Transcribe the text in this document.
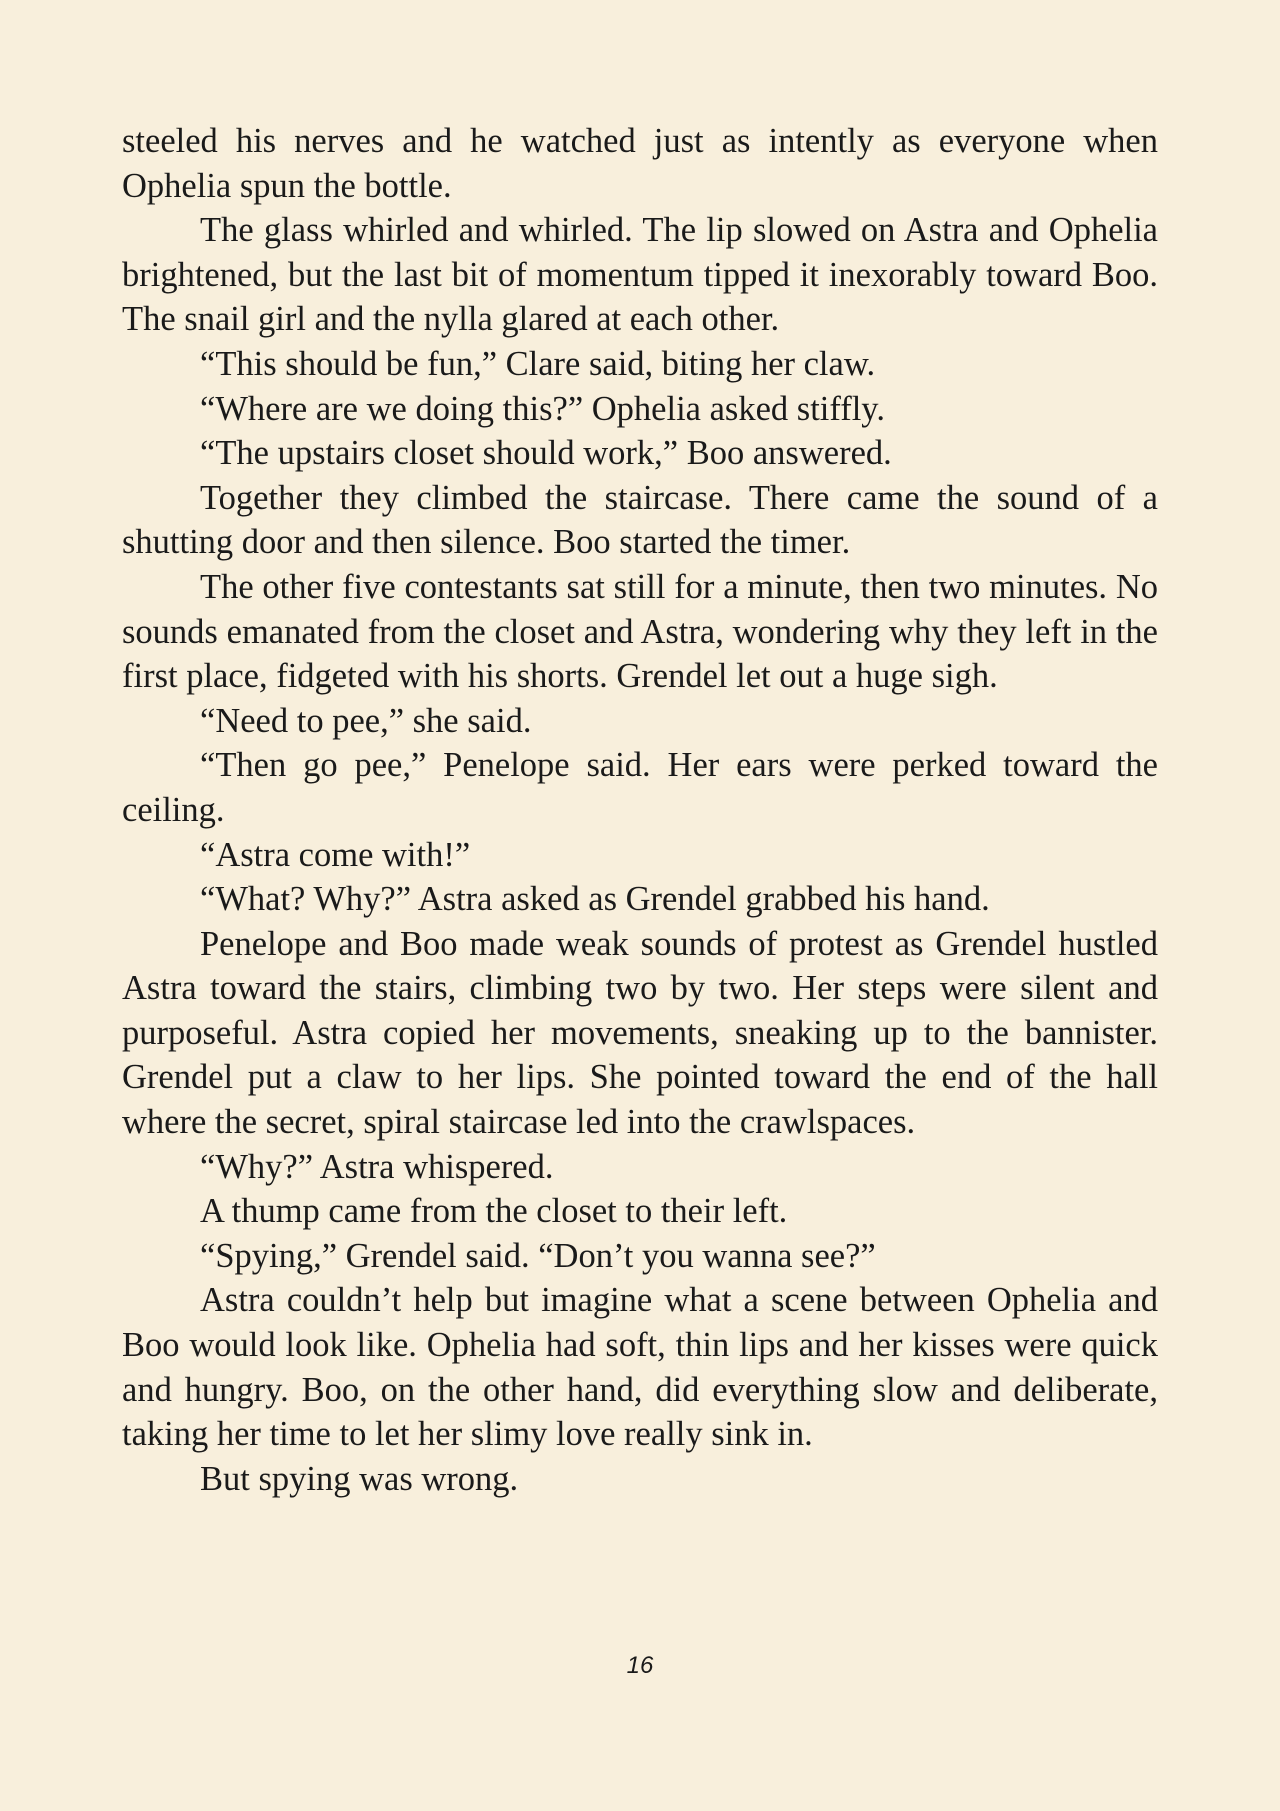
steeled his nerves and he watched just as intently as everyone when Ophelia spun the bottle.

The glass whirled and whirled. The lip slowed on Astra and Ophelia brightened, but the last bit of momentum tipped it inexorably toward Boo. The snail girl and the nylla glared at each other.

“This should be fun,” Clare said, biting her claw.

“Where are we doing this?” Ophelia asked stiffly.

“The upstairs closet should work,” Boo answered.

Together they climbed the staircase. There came the sound of a shutting door and then silence. Boo started the timer.

The other five contestants sat still for a minute, then two minutes. No sounds emanated from the closet and Astra, wondering why they left in the first place, fidgeted with his shorts. Grendel let out a huge sigh.

“Need to pee,” she said.

“Then go pee,” Penelope said. Her ears were perked toward the ceiling.

“Astra come with!”

“What? Why?” Astra asked as Grendel grabbed his hand.

Penelope and Boo made weak sounds of protest as Grendel hustled Astra toward the stairs, climbing two by two. Her steps were silent and purposeful. Astra copied her movements, sneaking up to the bannister. Grendel put a claw to her lips. She pointed toward the end of the hall where the secret, spiral staircase led into the crawlspaces.

“Why?” Astra whispered.

A thump came from the closet to their left.

“Spying,” Grendel said. “Don’t you wanna see?”

Astra couldn’t help but imagine what a scene between Ophelia and Boo would look like. Ophelia had soft, thin lips and her kisses were quick and hungry. Boo, on the other hand, did everything slow and deliberate, taking her time to let her slimy love really sink in.

But spying was wrong.

16
